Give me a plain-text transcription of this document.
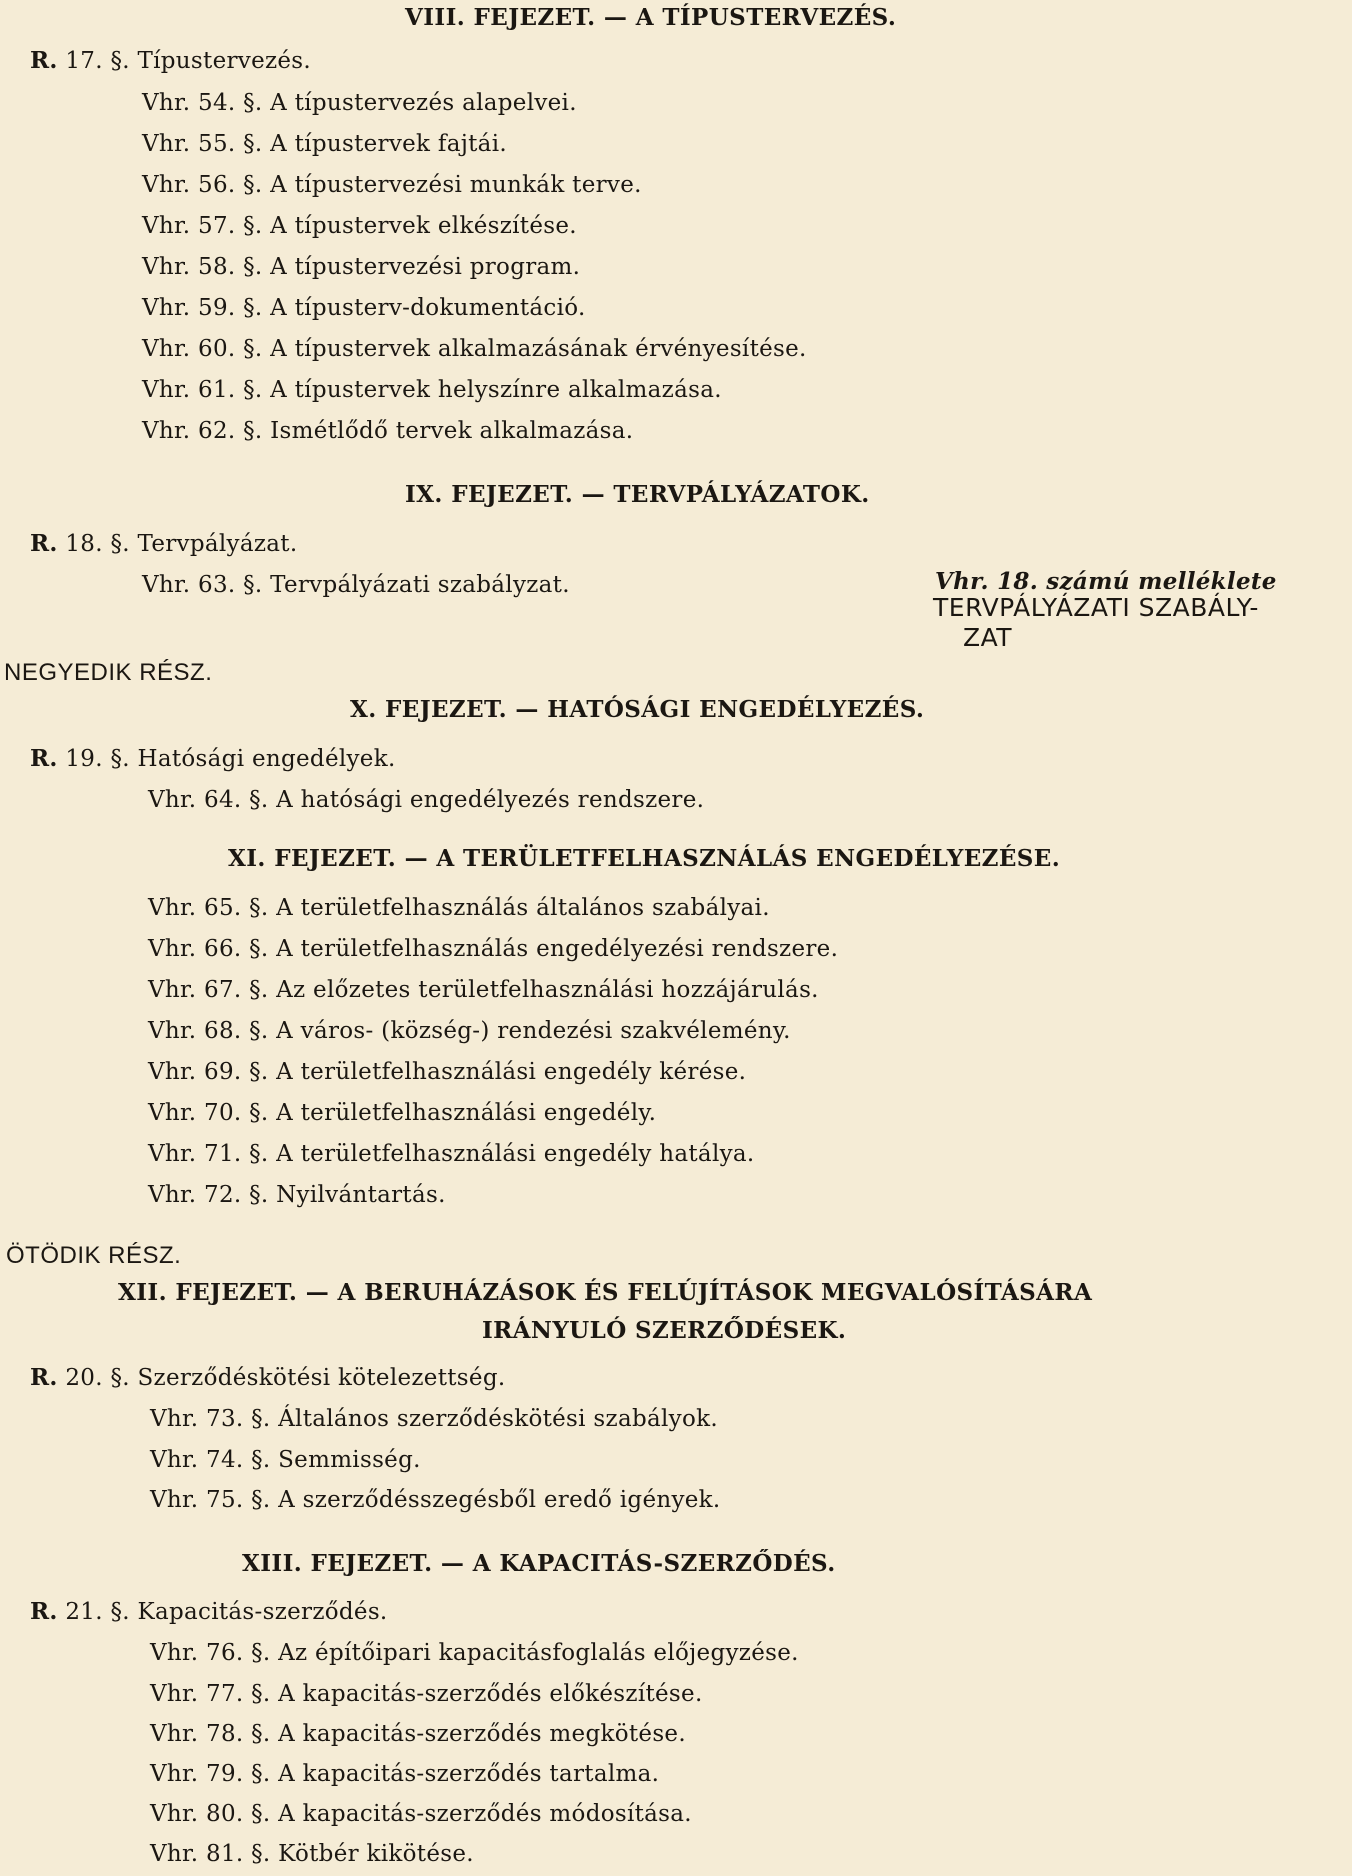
VIII. FEJEZET. — A TÍPUSTERVEZÉS.
R. 17. §. Típustervezés.
Vhr. 54. §. A típustervezés alapelvei.
Vhr. 55. §. A típustervek fajtái.
Vhr. 56. §. A típustervezési munkák terve.
Vhr. 57. §. A típustervek elkészítése.
Vhr. 58. §. A típustervezési program.
Vhr. 59. §. A típusterv-dokumentáció.
Vhr. 60. §. A típustervek alkalmazásának érvényesítése.
Vhr. 61. §. A típustervek helyszínre alkalmazása.
Vhr. 62. §. Ismétlődő tervek alkalmazása.
IX. FEJEZET. — TERVPÁLYÁZATOK.
R. 18. §. Tervpályázat.
Vhr. 63. §. Tervpályázati szabályzat.	Vhr. 18. számú melléklete
TERVPÁLYÁZATI SZABÁLY-
ZAT
NEGYEDIK RÉSZ.
X. FEJEZET. — HATÓSÁGI ENGEDÉLYEZÉS.
R. 19. §. Hatósági engedélyek.
Vhr. 64. §. A hatósági engedélyezés rendszere.
XI. FEJEZET. — A TERÜLETFELHASZNÁLÁS ENGEDÉLYEZÉSE.
Vhr. 65. §. A területfelhasználás általános szabályai.
Vhr. 66. §. A területfelhasználás engedélyezési rendszere.
Vhr. 67. §. Az előzetes területfelhasználási hozzájárulás.
Vhr. 68. §. A város- (község-) rendezési szakvélemény.
Vhr. 69. §. A területfelhasználási engedély kérése.
Vhr. 70. §. A területfelhasználási engedély.
Vhr. 71. §. A területfelhasználási engedély hatálya.
Vhr. 72. §. Nyilvántartás.
ÖTÖDIK RÉSZ.
XII. FEJEZET. — A BERUHÁZÁSOK ÉS FELÚJÍTÁSOK MEGVALÓSÍTÁSÁRA
IRÁNYULÓ SZERZŐDÉSEK.
R. 20. §. Szerződéskötési kötelezettség.
Vhr. 73. §. Általános szerződéskötési szabályok.
Vhr. 74. §. Semmisség.
Vhr. 75. §. A szerződésszegésből eredő igények.
XIII. FEJEZET. — A KAPACITÁS-SZERZŐDÉS.
R. 21. §. Kapacitás-szerződés.
Vhr. 76. §. Az építőipari kapacitásfoglalás előjegyzése.
Vhr. 77. §. A kapacitás-szerződés előkészítése.
Vhr. 78. §. A kapacitás-szerződés megkötése.
Vhr. 79. §. A kapacitás-szerződés tartalma.
Vhr. 80. §. A kapacitás-szerződés módosítása.
Vhr. 81. §. Kötbér kikötése.
